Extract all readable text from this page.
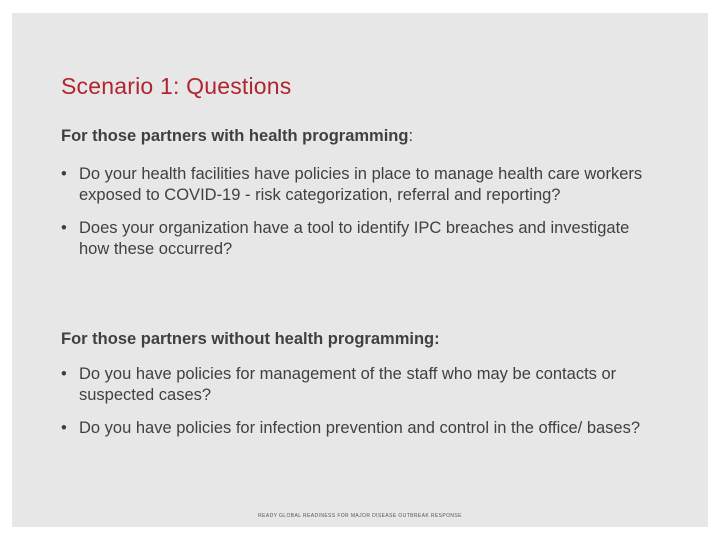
Scenario 1: Questions

For those partners with health programming:

• Do your health facilities have policies in place to manage health care workers exposed to COVID-19 - risk categorization, referral and reporting?
• Does your organization have a tool to identify IPC breaches and investigate how these occurred?

For those partners without health programming:

• Do you have policies for management of the staff who may be contacts or suspected cases?
• Do you have policies for infection prevention and control in the office/ bases?
READY GLOBAL READINESS FOR MAJOR DISEASE OUTBREAK RESPONSE
